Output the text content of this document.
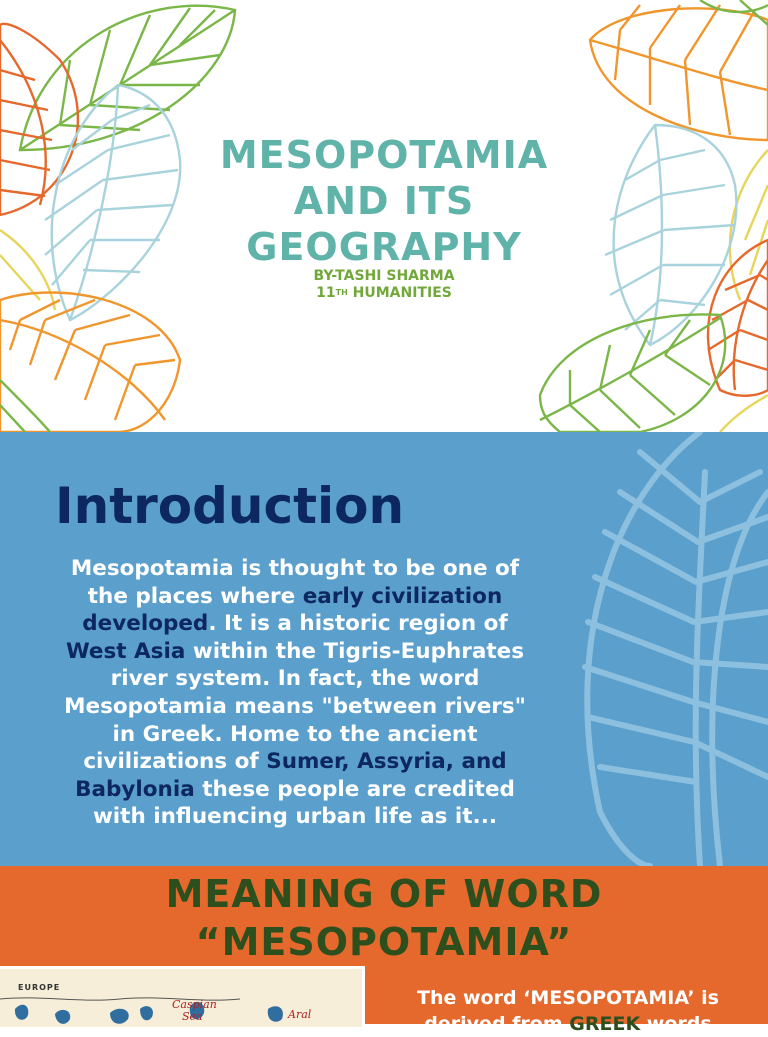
MESOPOTAMIA
AND ITS
GEOGRAPHY
BY-TASHI SHARMA
11TH HUMANITIES
Introduction
Mesopotamia is thought to be one of the places where early civilization developed. It is a historic region of West Asia within the Tigris-Euphrates river system. In fact, the word Mesopotamia means "between rivers" in Greek. Home to the ancient civilizations of Sumer, Assyria, and Babylonia these people are credited with influencing urban life as it...
MEANING OF WORD
“MESOPOTAMIA”
EUROPE
Caspian
Sea	Aral
The word ‘MESOPOTAMIA’ is derived from GREEK words
